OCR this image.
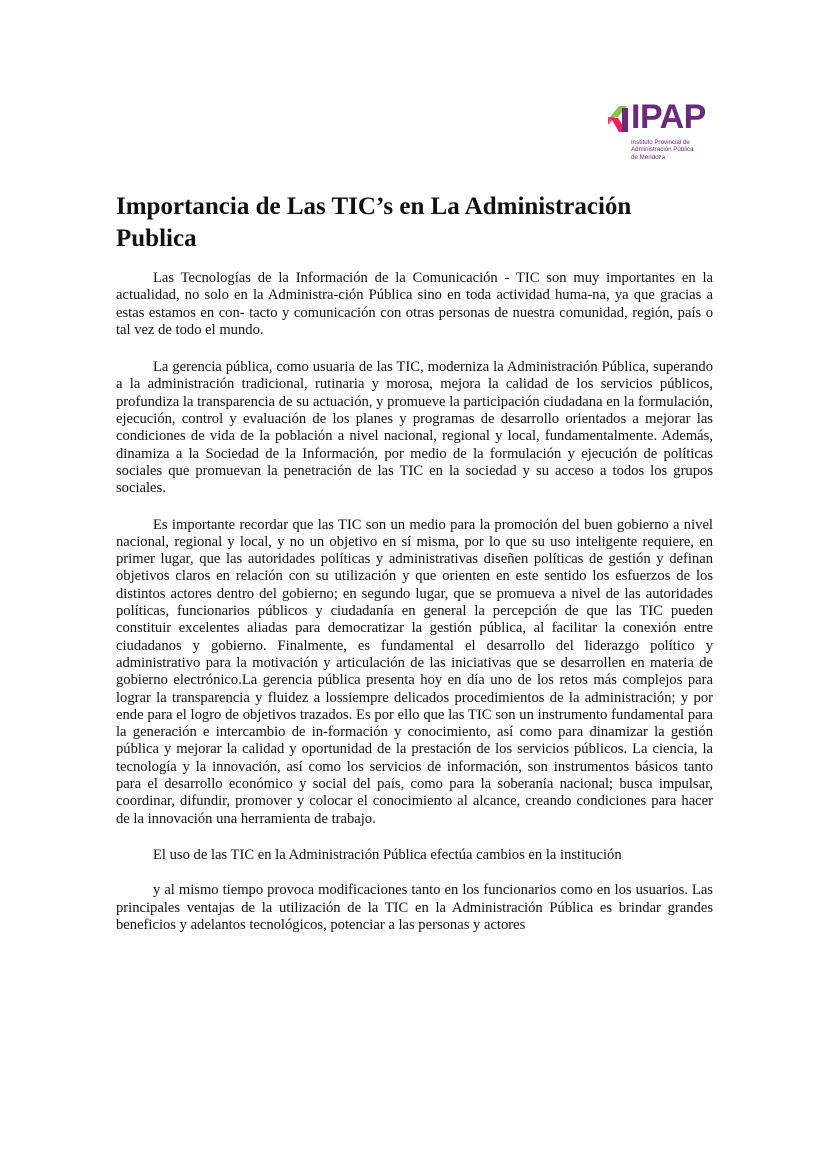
IPAP
Instituto Provincial de
Administración Pública
de Mendoza
Importancia de Las TIC’s en La Administración Publica

Las Tecnologías de la Información de la Comunicación - TIC son muy importantes en la actualidad, no solo en la Administra-ción Pública sino en toda actividad huma-na, ya que gracias a estas estamos en con- tacto y comunicación con otras personas de nuestra comunidad, región, país o tal vez de todo el mundo.

La gerencia pública, como usuaria de las TIC, moderniza la Administración Pública, superando a la administración tradicional, rutinaria y morosa, mejora la calidad de los servicios públicos, profundiza la transparencia de su actuación, y promueve la participación ciudadana en la formulación, ejecución, control y evaluación de los planes y programas de desarrollo orientados a mejorar las condiciones de vida de la población a nivel nacional, regional y local, fundamentalmente. Además, dinamiza a la Sociedad de la Información, por medio de la formulación y ejecución de políticas sociales que promuevan la penetración de las TIC en la sociedad y su acceso a todos los grupos sociales.

Es importante recordar que las TIC son un medio para la promoción del buen gobierno a nivel nacional, regional y local, y no un objetivo en sí misma, por lo que su uso inteligente requiere, en primer lugar, que las autoridades políticas y administrativas diseñen políticas de gestión y definan objetivos claros en relación con su utilización y que orienten en este sentido los esfuerzos de los distintos actores dentro del gobierno; en segundo lugar, que se promueva a nivel de las autoridades políticas, funcionarios públicos y ciudadanía en general la percepción de que las TIC pueden constituir excelentes aliadas para democratizar la gestión pública, al facilitar la conexión entre ciudadanos y gobierno. Finalmente, es fundamental el desarrollo del liderazgo político y administrativo para la motivación y articulación de las iniciativas que se desarrollen en materia de gobierno electrónico.La gerencia pública presenta hoy en día uno de los retos más complejos para lograr la transparencia y fluidez a lossiempre delicados procedimientos de la administración; y por ende para el logro de objetivos trazados. Es por ello que las TIC son un instrumento fundamental para la generación e intercambio de in-formación y conocimiento, así como para dinamizar la gestión pública y mejorar la calidad y oportunidad de la prestación de los servicios públicos. La ciencia, la tecnología y la innovación, así como los servicios de información, son instrumentos básicos tanto para el desarrollo económico y social del país, como para la soberanía nacional; busca impulsar, coordinar, difundir, promover y colocar el conocimiento al alcance, creando condiciones para hacer de la innovación una herramienta de trabajo.

El uso de las TIC en la Administración Pública efectúa cambios en la institución

y al mismo tiempo provoca modificaciones tanto en los funcionarios como en los usuarios. Las principales ventajas de la utilización de la TIC en la Administración Pública es brindar grandes beneficios y adelantos tecnológicos, potenciar a las personas y actores
